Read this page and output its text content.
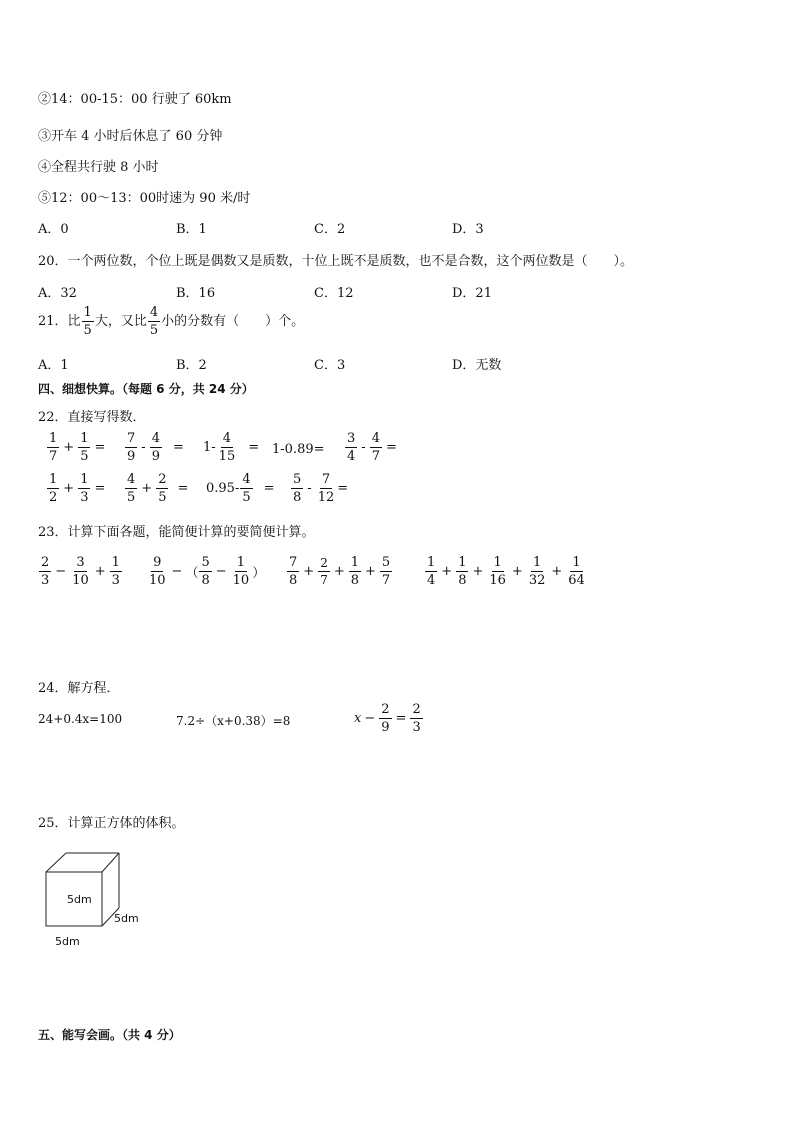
②14：00-15：00 行驶了 60km
③开车 4 小时后休息了 60 分钟
④全程共行驶 8 小时
⑤12：00～13：00时速为 90 米/时
A．0	B．1	C．2	D．3
20．一个两位数，个位上既是偶数又是质数，十位上既不是质数，也不是合数，这个两位数是（　　）。
A．32	B．16	C．12	D．21
21．比 $\frac{1}{5}$ 大，又比 $\frac{4}{5}$ 小的分数有（　　）个。
A．1	B．2	C．3	D．无数
四、细想快算。（每题 6 分，共 24 分）
22．直接写得数．
$\frac{1}{7} + \frac{1}{5} = \frac{7}{9} - \frac{4}{9} = 1- \frac{4}{15} = 1-0.89= \frac{3}{4} - \frac{4}{7}$ =
$\frac{1}{2} + \frac{1}{3} = \frac{4}{5} + \frac{2}{5} = 0.95- \frac{4}{5} = \frac{5}{8} - \frac{7}{12}$ =
23．计算下面各题，能简便计算的要简便计算。
$\frac{2}{3} - \frac{3}{10} + \frac{1}{3} \frac{9}{10}$ − （ $\frac{5}{8} - \frac{1}{10}$ ） $\frac{7}{8} + \frac{2}{7} + \frac{1}{8} + \frac{5}{7}$	$\frac{1}{4} + \frac{1}{8} + \frac{1}{16} + \frac{1}{32} + \frac{1}{64}$
24．解方程．
24+0.4x=100	7.2÷（x+0.38）=8	$x - \frac{2}{9} = \frac{2}{3}$
25．计算正方体的体积。
5dm
5dm
5dm
五、能写会画。（共 4 分）
